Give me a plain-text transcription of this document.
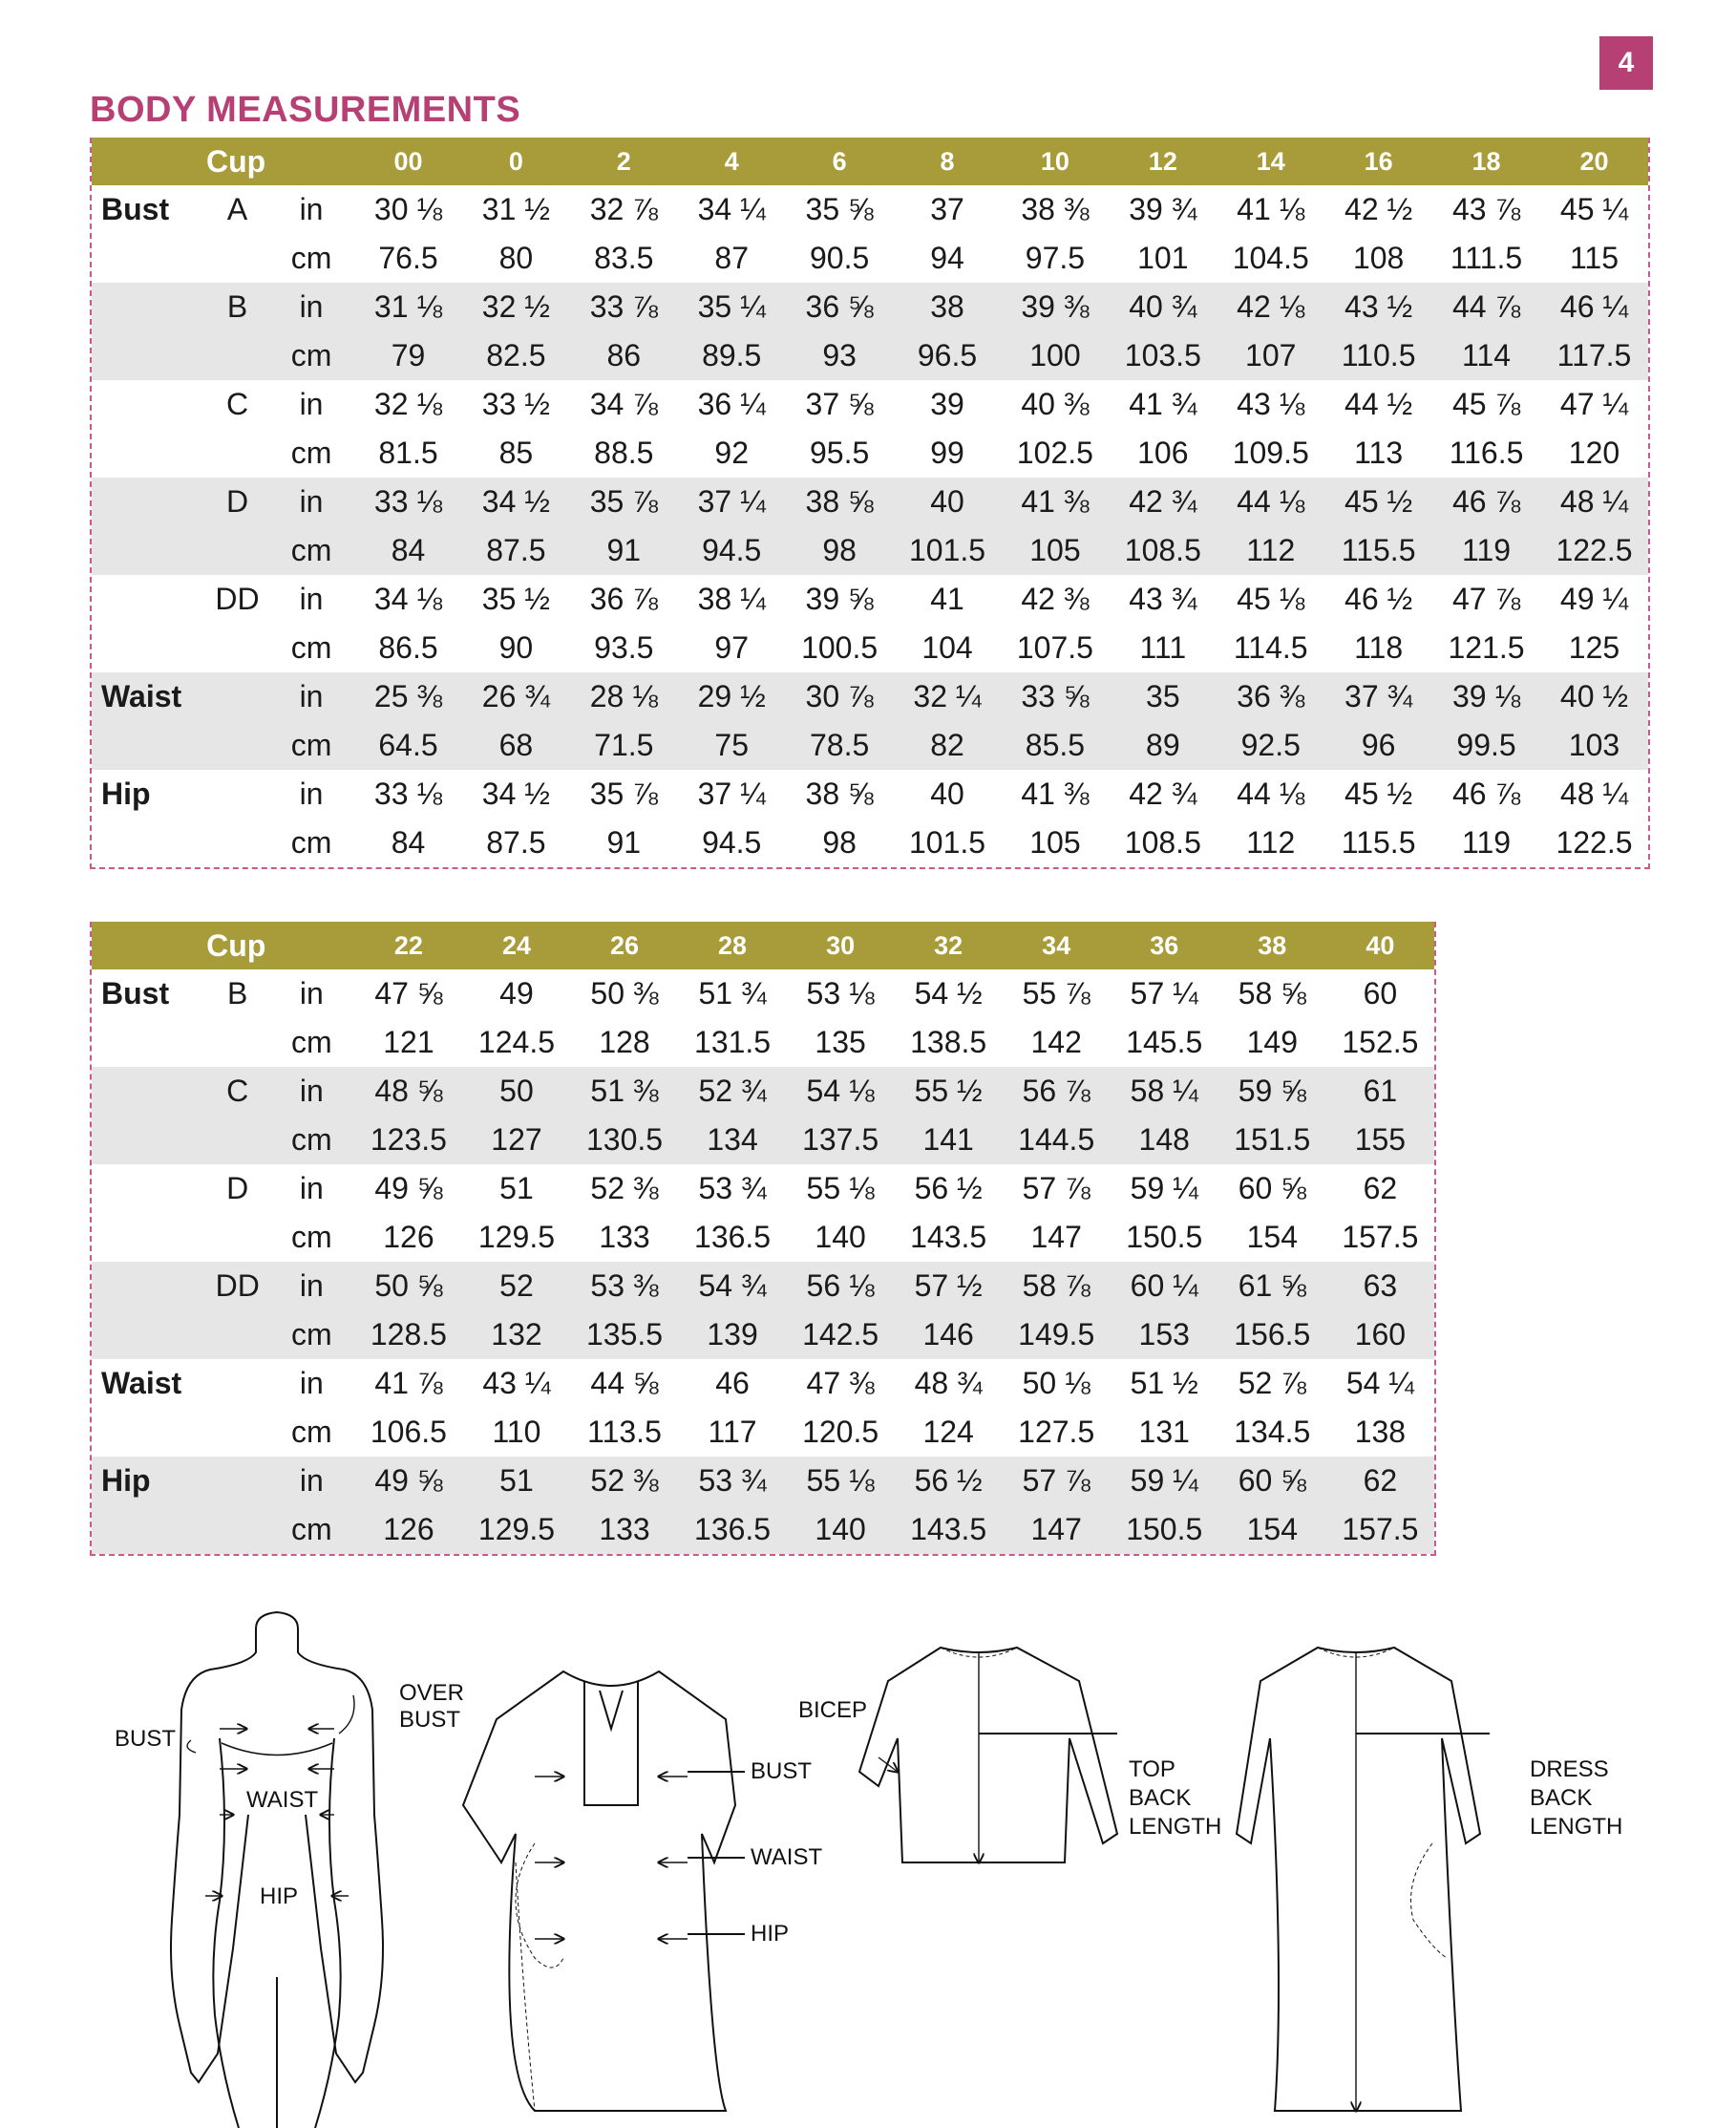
4
BODY MEASUREMENTS
	Cup		00	0	2	4	6	8	10	12	14	16	18	20
Bust	A	in	30 ⅛	31 ½	32 ⅞	34 ¼	35 ⅝	37	38 ⅜	39 ¾	41 ⅛	42 ½	43 ⅞	45 ¼
		cm	76.5	80	83.5	87	90.5	94	97.5	101	104.5	108	111.5	115
	B	in	31 ⅛	32 ½	33 ⅞	35 ¼	36 ⅝	38	39 ⅜	40 ¾	42 ⅛	43 ½	44 ⅞	46 ¼
		cm	79	82.5	86	89.5	93	96.5	100	103.5	107	110.5	114	117.5
	C	in	32 ⅛	33 ½	34 ⅞	36 ¼	37 ⅝	39	40 ⅜	41 ¾	43 ⅛	44 ½	45 ⅞	47 ¼
		cm	81.5	85	88.5	92	95.5	99	102.5	106	109.5	113	116.5	120
	D	in	33 ⅛	34 ½	35 ⅞	37 ¼	38 ⅝	40	41 ⅜	42 ¾	44 ⅛	45 ½	46 ⅞	48 ¼
		cm	84	87.5	91	94.5	98	101.5	105	108.5	112	115.5	119	122.5
	DD	in	34 ⅛	35 ½	36 ⅞	38 ¼	39 ⅝	41	42 ⅜	43 ¾	45 ⅛	46 ½	47 ⅞	49 ¼
		cm	86.5	90	93.5	97	100.5	104	107.5	111	114.5	118	121.5	125
Waist		in	25 ⅜	26 ¾	28 ⅛	29 ½	30 ⅞	32 ¼	33 ⅝	35	36 ⅜	37 ¾	39 ⅛	40 ½
		cm	64.5	68	71.5	75	78.5	82	85.5	89	92.5	96	99.5	103
Hip		in	33 ⅛	34 ½	35 ⅞	37 ¼	38 ⅝	40	41 ⅜	42 ¾	44 ⅛	45 ½	46 ⅞	48 ¼
		cm	84	87.5	91	94.5	98	101.5	105	108.5	112	115.5	119	122.5
	Cup		22	24	26	28	30	32	34	36	38	40
Bust	B	in	47 ⅝	49	50 ⅜	51 ¾	53 ⅛	54 ½	55 ⅞	57 ¼	58 ⅝	60
		cm	121	124.5	128	131.5	135	138.5	142	145.5	149	152.5
	C	in	48 ⅝	50	51 ⅜	52 ¾	54 ⅛	55 ½	56 ⅞	58 ¼	59 ⅝	61
		cm	123.5	127	130.5	134	137.5	141	144.5	148	151.5	155
	D	in	49 ⅝	51	52 ⅜	53 ¾	55 ⅛	56 ½	57 ⅞	59 ¼	60 ⅝	62
		cm	126	129.5	133	136.5	140	143.5	147	150.5	154	157.5
	DD	in	50 ⅝	52	53 ⅜	54 ¾	56 ⅛	57 ½	58 ⅞	60 ¼	61 ⅝	63
		cm	128.5	132	135.5	139	142.5	146	149.5	153	156.5	160
Waist		in	41 ⅞	43 ¼	44 ⅝	46	47 ⅜	48 ¾	50 ⅛	51 ½	52 ⅞	54 ¼
		cm	106.5	110	113.5	117	120.5	124	127.5	131	134.5	138
Hip		in	49 ⅝	51	52 ⅜	53 ¾	55 ⅛	56 ½	57 ⅞	59 ¼	60 ⅝	62
		cm	126	129.5	133	136.5	140	143.5	147	150.5	154	157.5
OVER
BUST
BUST
WAIST
HIP
BUST
WAIST
HIP
BICEP
TOP
BACK
LENGTH
DRESS
BACK
LENGTH
